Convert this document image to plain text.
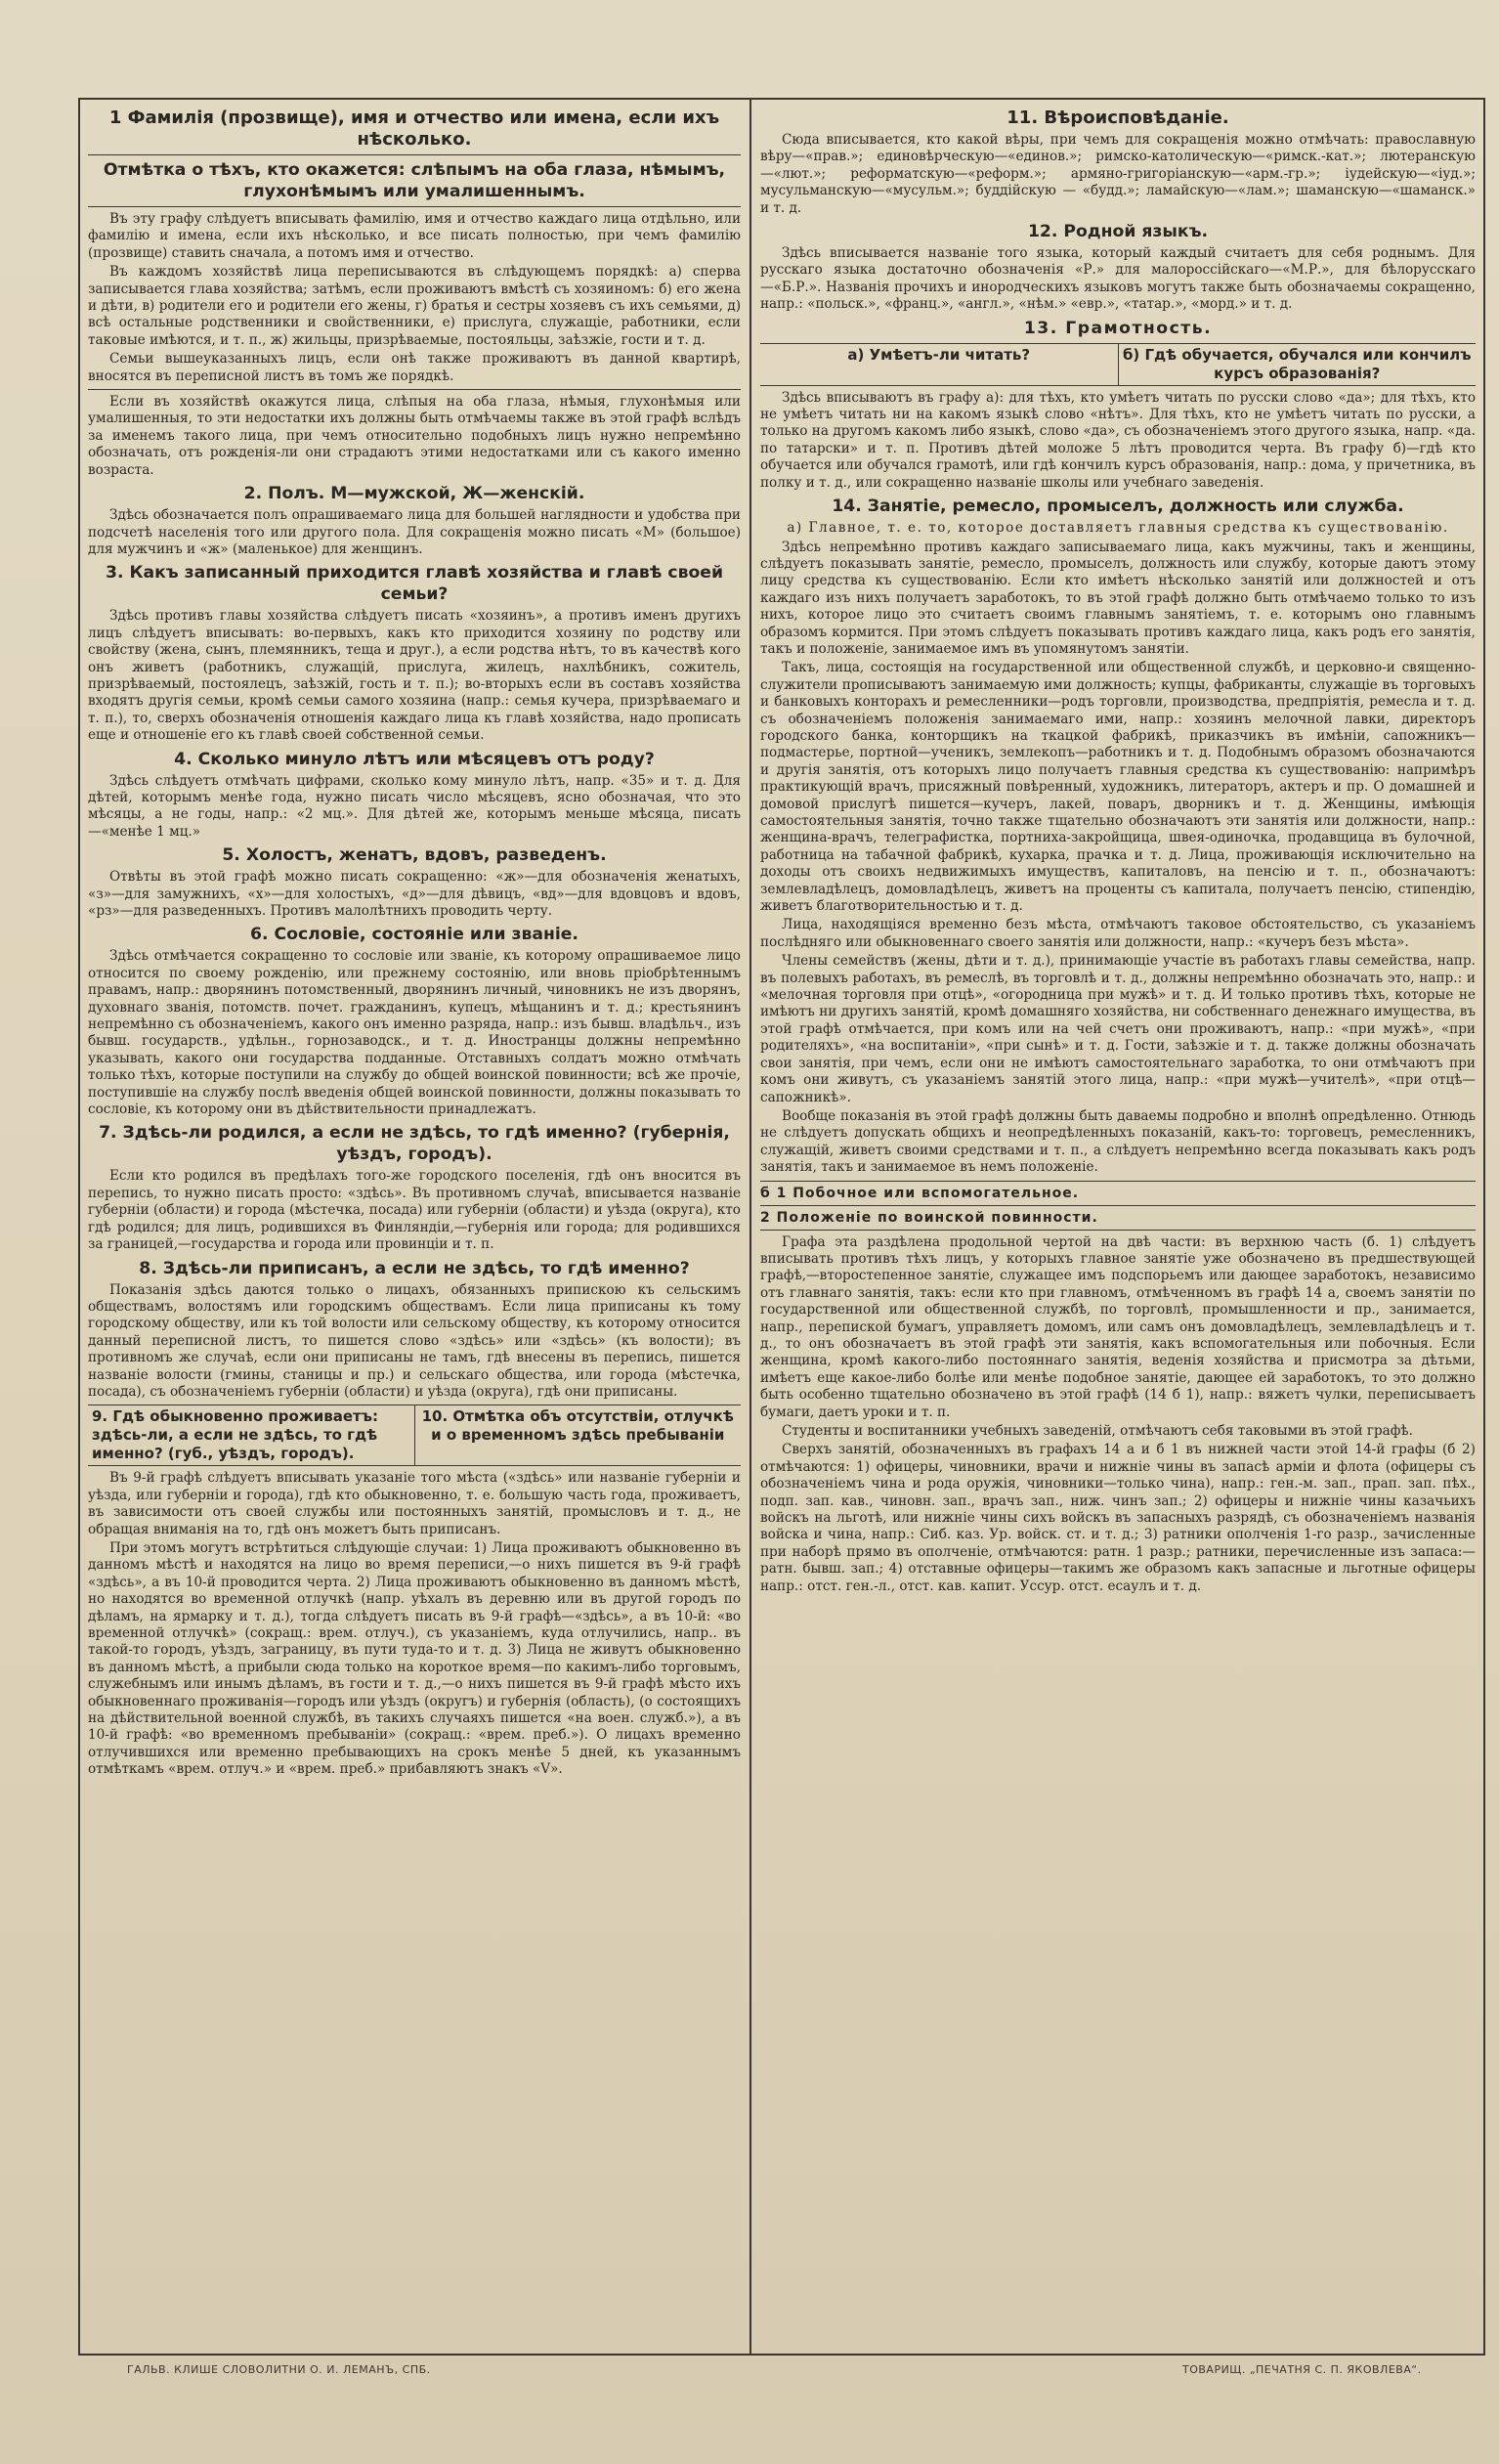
1 Фамилія (прозвище), имя и отчество или имена, если ихъ нѣсколько.
Отмѣтка о тѣхъ, кто окажется: слѣпымъ на оба глаза, нѣмымъ, глухонѣмымъ или умалишеннымъ.

Въ эту графу слѣдуетъ вписывать фамилію, имя и отчество каждаго лица отдѣльно, или фамилію и имена, если ихъ нѣсколько, и все писать полностью, при чемъ фамилію (прозвище) ставить сначала, а потомъ имя и отчество.

Въ каждомъ хозяйствѣ лица переписываются въ слѣдующемъ порядкѣ: а) сперва записывается глава хозяйства; затѣмъ, если проживаютъ вмѣстѣ съ хозяиномъ: б) его жена и дѣти, в) родители его и родители его жены, г) братья и сестры хозяевъ съ ихъ семьями, д) всѣ остальные родственники и свойственники, е) прислуга, служащіе, работники, если таковые имѣются, и т. п., ж) жильцы, призрѣваемые, постояльцы, заѣзжіе, гости и т. д.

Семьи вышеуказанныхъ лицъ, если онѣ также проживаютъ въ данной квартирѣ, вносятся въ переписной листъ въ томъ же порядкѣ.

Если въ хозяйствѣ окажутся лица, слѣпыя на оба глаза, нѣмыя, глухонѣмыя или умалишенныя, то эти недостатки ихъ должны быть отмѣчаемы также въ этой графѣ вслѣдъ за именемъ такого лица, при чемъ относительно подобныхъ лицъ нужно непремѣнно обозначать, отъ рожденія-ли они страдаютъ этими недостатками или съ какого именно возраста.

2. Полъ. М—мужской, Ж—женскій.

Здѣсь обозначается полъ опрашиваемаго лица для большей наглядности и удобства при подсчетѣ населенія того или другого пола. Для сокращенія можно писать «М» (большое) для мужчинъ и «ж» (маленькое) для женщинъ.

3. Какъ записанный приходится главѣ хозяйства и главѣ своей семьи?

Здѣсь противъ главы хозяйства слѣдуетъ писать «хозяинъ», а противъ именъ другихъ лицъ слѣдуетъ вписывать: во-первыхъ, какъ кто приходится хозяину по родству или свойству (жена, сынъ, племянникъ, теща и друг.), а если родства нѣтъ, то въ качествѣ кого онъ живетъ (работникъ, служащій, прислуга, жилецъ, нахлѣбникъ, сожитель, призрѣваемый, постоялецъ, заѣзжій, гость и т. п.); во-вторыхъ если въ составъ хозяйства входятъ другія семьи, кромѣ семьи самого хозяина (напр.: семья кучера, призрѣваемаго и т. п.), то, сверхъ обозначенія отношенія каждаго лица къ главѣ хозяйства, надо прописать еще и отношеніе его къ главѣ своей собственной семьи.

4. Сколько минуло лѣтъ или мѣсяцевъ отъ роду?

Здѣсь слѣдуетъ отмѣчать цифрами, сколько кому минуло лѣтъ, напр. «35» и т. д. Для дѣтей, которымъ менѣе года, нужно писать число мѣсяцевъ, ясно обозначая, что это мѣсяцы, а не годы, напр.: «2 мц.». Для дѣтей же, которымъ меньше мѣсяца, писать—«менѣе 1 мц.»

5. Холостъ, женатъ, вдовъ, разведенъ.

Отвѣты въ этой графѣ можно писать сокращенно: «ж»—для обозначенія женатыхъ, «з»—для замужнихъ, «х»—для холостыхъ, «д»—для дѣвицъ, «вд»—для вдовцовъ и вдовъ, «рз»—для разведенныхъ. Противъ малолѣтнихъ проводить черту.

6. Сословіе, состояніе или званіе.

Здѣсь отмѣчается сокращенно то сословіе или званіе, къ которому опрашиваемое лицо относится по своему рожденію, или прежнему состоянію, или вновь пріобрѣтеннымъ правамъ, напр.: дворянинъ потомственный, дворянинъ личный, чиновникъ не изъ дворянъ, духовнаго званія, потомств. почет. гражданинъ, купецъ, мѣщанинъ и т. д.; крестьянинъ непремѣнно съ обозначеніемъ, какого онъ именно разряда, напр.: изъ бывш. владѣльч., изъ бывш. государств., удѣльн., горнозаводск., и т. д. Иностранцы должны непремѣнно указывать, какого они государства подданные. Отставныхъ солдатъ можно отмѣчать только тѣхъ, которые поступили на службу до общей воинской повинности; всѣ же прочіе, поступившіе на службу послѣ введенія общей воинской повинности, должны показывать то сословіе, къ которому они въ дѣйствительности принадлежатъ.

7. Здѣсь-ли родился, а если не здѣсь, то гдѣ именно? (губернія, уѣздъ, городъ).

Если кто родился въ предѣлахъ того-же городского поселенія, гдѣ онъ вносится въ перепись, то нужно писать просто: «здѣсь». Въ противномъ случаѣ, вписывается названіе губерніи (области) и города (мѣстечка, посада) или губерніи (области) и уѣзда (округа), кто гдѣ родился; для лицъ, родившихся въ Финляндіи,—губернія или города; для родившихся за границей,—государства и города или провинціи и т. п.

8. Здѣсь-ли приписанъ, а если не здѣсь, то гдѣ именно?

Показанія здѣсь даются только о лицахъ, обязанныхъ припискою къ сельскимъ обществамъ, волостямъ или городскимъ обществамъ. Если лица приписаны къ тому городскому обществу, или къ той волости или сельскому обществу, къ которому относится данный переписной листъ, то пишется слово «здѣсь» или «здѣсь» (къ волости); въ противномъ же случаѣ, если они приписаны не тамъ, гдѣ внесены въ перепись, пишется названіе волости (гмины, станицы и пр.) и сельскаго общества, или города (мѣстечка, посада), съ обозначеніемъ губерніи (области) и уѣзда (округа), гдѣ они приписаны.

9. Гдѣ обыкновенно проживаетъ: здѣсь-ли, а если не здѣсь, то гдѣ именно? (губ., уѣздъ, городъ).
10. Отмѣтка объ отсутствіи, отлучкѣ и о временномъ здѣсь пребываніи

Въ 9-й графѣ слѣдуетъ вписывать указаніе того мѣста («здѣсь» или названіе губерніи и уѣзда, или губерніи и города), гдѣ кто обыкновенно, т. е. большую часть года, проживаетъ, въ зависимости отъ своей службы или постоянныхъ занятій, промысловъ и т. д., не обращая вниманія на то, гдѣ онъ можетъ быть приписанъ.

При этомъ могутъ встрѣтиться слѣдующіе случаи: 1) Лица проживаютъ обыкновенно въ данномъ мѣстѣ и находятся на лицо во время переписи,—о нихъ пишется въ 9-й графѣ «здѣсь», а въ 10-й проводится черта. 2) Лица проживаютъ обыкновенно въ данномъ мѣстѣ, но находятся во временной отлучкѣ (напр. уѣхалъ въ деревню или въ другой городъ по дѣламъ, на ярмарку и т. д.), тогда слѣдуетъ писать въ 9-й графѣ—«здѣсь», а въ 10-й: «во временной отлучкѣ» (сокращ.: врем. отлуч.), съ указаніемъ, куда отлучились, напр.. въ такой-то городъ, уѣздъ, заграницу, въ пути туда-то и т. д. 3) Лица не живутъ обыкновенно въ данномъ мѣстѣ, а прибыли сюда только на короткое время—по какимъ-либо торговымъ, служебнымъ или инымъ дѣламъ, въ гости и т. д.,—о нихъ пишется въ 9-й графѣ мѣсто ихъ обыкновеннаго проживанія—городъ или уѣздъ (округъ) и губернія (область), (о состоящихъ на дѣйствительной военной службѣ, въ такихъ случаяхъ пишется «на воен. служб.»), а въ 10-й графѣ: «во временномъ пребываніи» (сокращ.: «врем. преб.»). О лицахъ временно отлучившихся или временно пребывающихъ на срокъ менѣе 5 дней, къ указаннымъ отмѣткамъ «врем. отлуч.» и «врем. преб.» прибавляютъ знакъ «V».

11. Вѣроисповѣданіе.

Сюда вписывается, кто какой вѣры, при чемъ для сокращенія можно отмѣчать: православную вѣру—«прав.»; единовѣрческую—«единов.»; римско-католическую—«римск.-кат.»; лютеранскую—«лют.»; реформатскую—«реформ.»; армяно-григоріанскую—«арм.-гр.»; іудейскую—«іуд.»; мусульманскую—«мусульм.»; буддійскую — «будд.»; ламайскую—«лам.»; шаманскую—«шаманск.» и т. д.

12. Родной языкъ.

Здѣсь вписывается названіе того языка, который каждый считаетъ для себя роднымъ. Для русскаго языка достаточно обозначенія «Р.» для малороссійскаго—«М.Р.», для бѣлорусскаго—«Б.Р.». Названія прочихъ и инородческихъ языковъ могутъ также быть обозначаемы сокращенно, напр.: «польск.», «франц.», «англ.», «нѣм.» «евр.», «татар.», «морд.» и т. д.

13. Грамотность.
а) Умѣетъ-ли читать?	б) Гдѣ обучается, обучался или кончилъ курсъ образованія?

Здѣсь вписываютъ въ графу а): для тѣхъ, кто умѣетъ читать по русски слово «да»; для тѣхъ, кто не умѣетъ читать ни на какомъ языкѣ слово «нѣтъ». Для тѣхъ, кто не умѣетъ читать по русски, а только на другомъ какомъ либо языкѣ, слово «да», съ обозначеніемъ этого другого языка, напр. «да. по татарски» и т. п. Противъ дѣтей моложе 5 лѣтъ проводится черта. Въ графу б)—гдѣ кто обучается или обучался грамотѣ, или гдѣ кончилъ курсъ образованія, напр.: дома, у причетника, въ полку и т. д., или сокращенно названіе школы или учебнаго заведенія.

14. Занятіе, ремесло, промыселъ, должность или служба.

а) Главное, т. е. то, которое доставляетъ главныя средства къ существованію.

Здѣсь непремѣнно противъ каждаго записываемаго лица, какъ мужчины, такъ и женщины, слѣдуетъ показывать занятіе, ремесло, промыселъ, должность или службу, которые даютъ этому лицу средства къ существованію. Если кто имѣетъ нѣсколько занятій или должностей и отъ каждаго изъ нихъ получаетъ заработокъ, то въ этой графѣ должно быть отмѣчаемо только то изъ нихъ, которое лицо это считаетъ своимъ главнымъ занятіемъ, т. е. которымъ оно главнымъ образомъ кормится. При этомъ слѣдуетъ показывать противъ каждаго лица, какъ родъ его занятія, такъ и положеніе, занимаемое имъ въ упомянутомъ занятіи.

Такъ, лица, состоящія на государственной или общественной службѣ, и церковно-и священно-служители прописываютъ занимаемую ими должность; купцы, фабриканты, служащіе въ торговыхъ и банковыхъ конторахъ и ремесленники—родъ торговли, производства, предпріятія, ремесла и т. д. съ обозначеніемъ положенія занимаемаго ими, напр.: хозяинъ мелочной лавки, директоръ городского банка, конторщикъ на ткацкой фабрикѣ, приказчикъ въ имѣніи, сапожникъ—подмастерье, портной—ученикъ, землекопъ—работникъ и т. д. Подобнымъ образомъ обозначаются и другія занятія, отъ которыхъ лицо получаетъ главныя средства къ существованію: напримѣръ практикующій врачъ, присяжный повѣренный, художникъ, литераторъ, актеръ и пр. О домашней и домовой прислугѣ пишется—кучеръ, лакей, поваръ, дворникъ и т. д. Женщины, имѣющія самостоятельныя занятія, точно также тщательно обозначаютъ эти занятія или должности, напр.: женщина-врачъ, телеграфистка, портниха-закройщица, швея-одиночка, продавщица въ булочной, работница на табачной фабрикѣ, кухарка, прачка и т. д. Лица, проживающія исключительно на доходы отъ своихъ недвижимыхъ имуществъ, капиталовъ, на пенсію и т. п., обозначаютъ: землевладѣлецъ, домовладѣлецъ, живетъ на проценты съ капитала, получаетъ пенсію, стипендію, живетъ благотворительностью и т. д.

Лица, находящіяся временно безъ мѣста, отмѣчаютъ таковое обстоятельство, съ указаніемъ послѣдняго или обыкновеннаго своего занятія или должности, напр.: «кучеръ безъ мѣста».

Члены семействъ (жены, дѣти и т. д.), принимающіе участіе въ работахъ главы семейства, напр. въ полевыхъ работахъ, въ ремеслѣ, въ торговлѣ и т. д., должны непремѣнно обозначать это, напр.: и «мелочная торговля при отцѣ», «огородница при мужѣ» и т. д. И только противъ тѣхъ, которые не имѣютъ ни другихъ занятій, кромѣ домашняго хозяйства, ни собственнаго денежнаго имущества, въ этой графѣ отмѣчается, при комъ или на чей счетъ они проживаютъ, напр.: «при мужѣ», «при родителяхъ», «на воспитаніи», «при сынѣ» и т. д. Гости, заѣзжіе и т. д. также должны обозначать свои занятія, при чемъ, если они не имѣютъ самостоятельнаго заработка, то они отмѣчаютъ при комъ они живутъ, съ указаніемъ занятій этого лица, напр.: «при мужѣ—учителѣ», «при отцѣ—сапожникѣ».

Вообще показанія въ этой графѣ должны быть даваемы подробно и вполнѣ опредѣленно. Отнюдь не слѣдуетъ допускать общихъ и неопредѣленныхъ показаній, какъ-то: торговецъ, ремесленникъ, служащій, живетъ своими средствами и т. п., а слѣдуетъ непремѣнно всегда показывать какъ родъ занятія, такъ и занимаемое въ немъ положеніе.

б 1 Побочное или вспомогательное.
2 Положеніе по воинской повинности.

Графа эта раздѣлена продольной чертой на двѣ части: въ верхнюю часть (б. 1) слѣдуетъ вписывать противъ тѣхъ лицъ, у которыхъ главное занятіе уже обозначено въ предшествующей графѣ,—второстепенное занятіе, служащее имъ подспорьемъ или дающее заработокъ, независимо отъ главнаго занятія, такъ: если кто при главномъ, отмѣченномъ въ графѣ 14 а, своемъ занятіи по государственной или общественной службѣ, по торговлѣ, промышленности и пр., занимается, напр., перепиской бумагъ, управляетъ домомъ, или самъ онъ домовладѣлецъ, землевладѣлецъ и т. д., то онъ обозначаетъ въ этой графѣ эти занятія, какъ вспомогательныя или побочныя. Если женщина, кромѣ какого-либо постояннаго занятія, веденія хозяйства и присмотра за дѣтьми, имѣетъ еще какое-либо болѣе или менѣе подобное занятіе, дающее ей заработокъ, то это должно быть особенно тщательно обозначено въ этой графѣ (14 б 1), напр.: вяжетъ чулки, переписываетъ бумаги, даетъ уроки и т. п.

Студенты и воспитанники учебныхъ заведеній, отмѣчаютъ себя таковыми въ этой графѣ.

Сверхъ занятій, обозначенныхъ въ графахъ 14 а и б 1 въ нижней части этой 14-й графы (б 2) отмѣчаются: 1) офицеры, чиновники, врачи и нижніе чины въ запасѣ арміи и флота (офицеры съ обозначеніемъ чина и рода оружія, чиновники—только чина), напр.: ген.-м. зап., прап. зап. пѣх., подп. зап. кав., чиновн. зап., врачъ зап., ниж. чинъ зап.; 2) офицеры и нижніе чины казачьихъ войскъ на льготѣ, или нижніе чины сихъ войскъ въ запасныхъ разрядѣ, съ обозначеніемъ названія войска и чина, напр.: Сиб. каз. Ур. войск. ст. и т. д.; 3) ратники ополченія 1-го разр., зачисленные при наборѣ прямо въ ополченіе, отмѣчаются: ратн. 1 разр.; ратники, перечисленные изъ запаса:—ратн. бывш. зап.; 4) отставные офицеры—такимъ же образомъ какъ запасные и льготные офицеры напр.: отст. ген.-л., отст. кав. капит. Уссур. отст. есаулъ и т. д.

ГАЛЬВ. КЛИШЕ СЛОВОЛИТНИ О. И. ЛЕМАНЪ, СПБ.	ТОВАРИЩ. „ПЕЧАТНЯ С. П. ЯКОВЛЕВА“.
